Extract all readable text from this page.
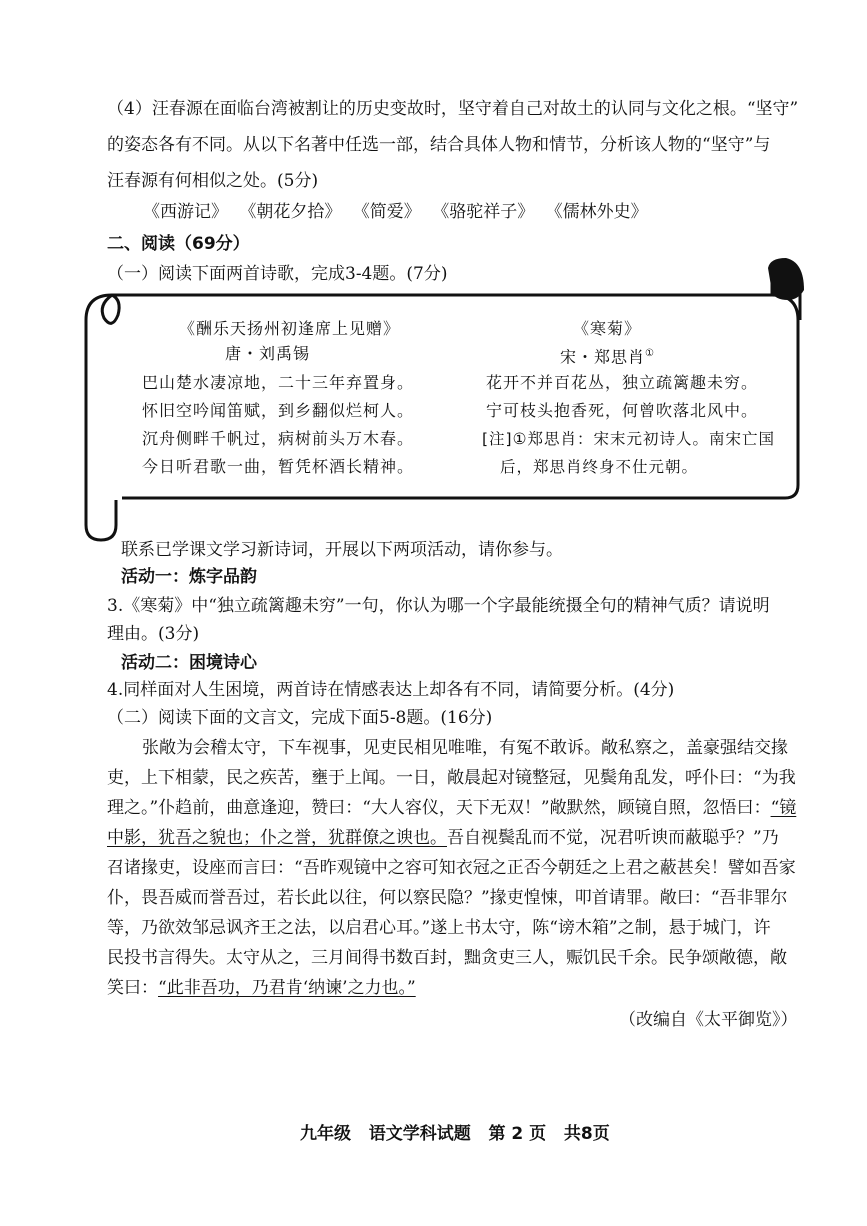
（4）汪春源在面临台湾被割让的历史变故时，坚守着自己对故土的认同与文化之根。“坚守”
的姿态各有不同。从以下名著中任选一部，结合具体人物和情节，分析该人物的“坚守”与
汪春源有何相似之处。(5分)
《西游记》 《朝花夕拾》 《简爱》 《骆驼祥子》 《儒林外史》
二、阅读（69分）
（一）阅读下面两首诗歌，完成3-4题。(7分)
《酬乐天扬州初逢席上见赠》
唐・刘禹锡
巴山楚水凄凉地，二十三年弃置身。
怀旧空吟闻笛赋，到乡翻似烂柯人。
沉舟侧畔千帆过，病树前头万木春。
今日听君歌一曲，暂凭杯酒长精神。
《寒菊》
宋・郑思肖①
花开不并百花丛，独立疏篱趣未穷。
宁可枝头抱香死，何曾吹落北风中。
[注]①郑思肖：宋末元初诗人。南宋亡国
后，郑思肖终身不仕元朝。
联系已学课文学习新诗词，开展以下两项活动，请你参与。
活动一：炼字品韵
3.《寒菊》中“独立疏篱趣未穷”一句，你认为哪一个字最能统摄全句的精神气质？请说明
理由。(3分)
活动二：困境诗心
4.同样面对人生困境，两首诗在情感表达上却各有不同，请简要分析。(4分)
（二）阅读下面的文言文，完成下面5-8题。(16分)
张敞为会稽太守，下车视事，见吏民相见唯唯，有冤不敢诉。敞私察之，盖豪强结交掾
吏，上下相蒙，民之疾苦，壅于上闻。一日，敞晨起对镜整冠，见鬓角乱发，呼仆曰：“为我
理之。”仆趋前，曲意逢迎，赞曰：“大人容仪，天下无双！”敞默然，顾镜自照，忽悟曰：“镜
中影，犹吾之貌也；仆之誉，犹群僚之谀也。吾自视鬓乱而不觉，况君听谀而蔽聪乎？”乃
召诸掾吏，设座而言曰：“吾昨观镜中之容可知衣冠之正否今朝廷之上君之蔽甚矣！譬如吾家
仆，畏吾威而誉吾过，若长此以往，何以察民隐？”掾吏惶悚，叩首请罪。敞曰：“吾非罪尔
等，乃欲效邹忌讽齐王之法，以启君心耳。”遂上书太守，陈“谤木箱”之制，悬于城门，许
民投书言得失。太守从之，三月间得书数百封，黜贪吏三人，赈饥民千余。民争颂敞德，敞
笑曰：“此非吾功，乃君肯‘纳谏’之力也。”
（改编自《太平御览》）
九年级   语文学科试题   第 2 页   共8页
